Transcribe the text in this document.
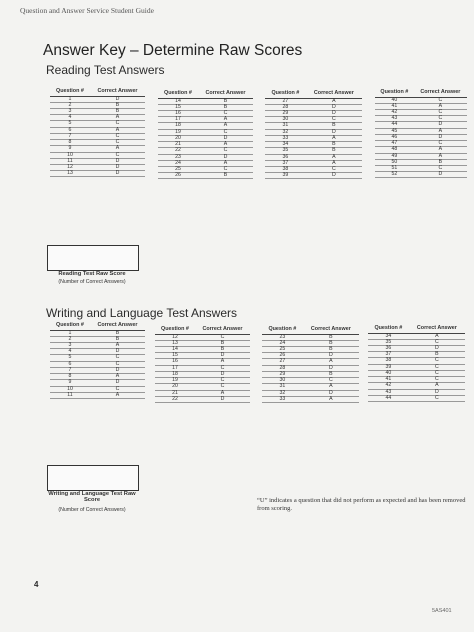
Question and Answer Service Student Guide
Answer Key – Determine Raw Scores
Reading Test Answers
Question #	Correct Answer
1	D
2	B
3	B
4	A
5	C
6	A
7	C
8	C
9	A
10	C
11	D
12	D
13	D
Question #	Correct Answer
14	B
15	B
16	C
17	A
18	A
19	C
20	D
21	A
22	C
23	D
24	A
25	C
26	B
Question #	Correct Answer
27	A
28	D
29	D
30	C
31	B
32	D
33	A
34	B
35	B
36	A
37	A
38	C
39	D
Question #	Correct Answer
40	C
41	A
42	C
43	C
44	D
45	A
46	D
47	C
48	A
49	A
50	B
51	C
52	D
Reading Test Raw Score
(Number of Correct Answers)
Writing and Language Test Answers
Question #	Correct Answer
1	B
2	B
3	A
4	D
5	C
6	C
7	D
8	A
9	D
10	C
11	A
Question #	Correct Answer
12	C
13	B
14	B
15	D
16	A
17	C
18	D
19	C
20	C
21	A
22	D
Question #	Correct Answer
23	B
24	B
25	B
26	D
27	A
28	D
29	B
30	C
31	A
32	D
33	A
Question #	Correct Answer
34	A
35	C
36	D
37	B
38	C
39	C
40	C
41	C
42	A
43	D
44	C
Writing and Language Test Raw Score
(Number of Correct Answers)
“U” indicates a question that did not perform as expected and has been removed from scoring.
4
5AS401
